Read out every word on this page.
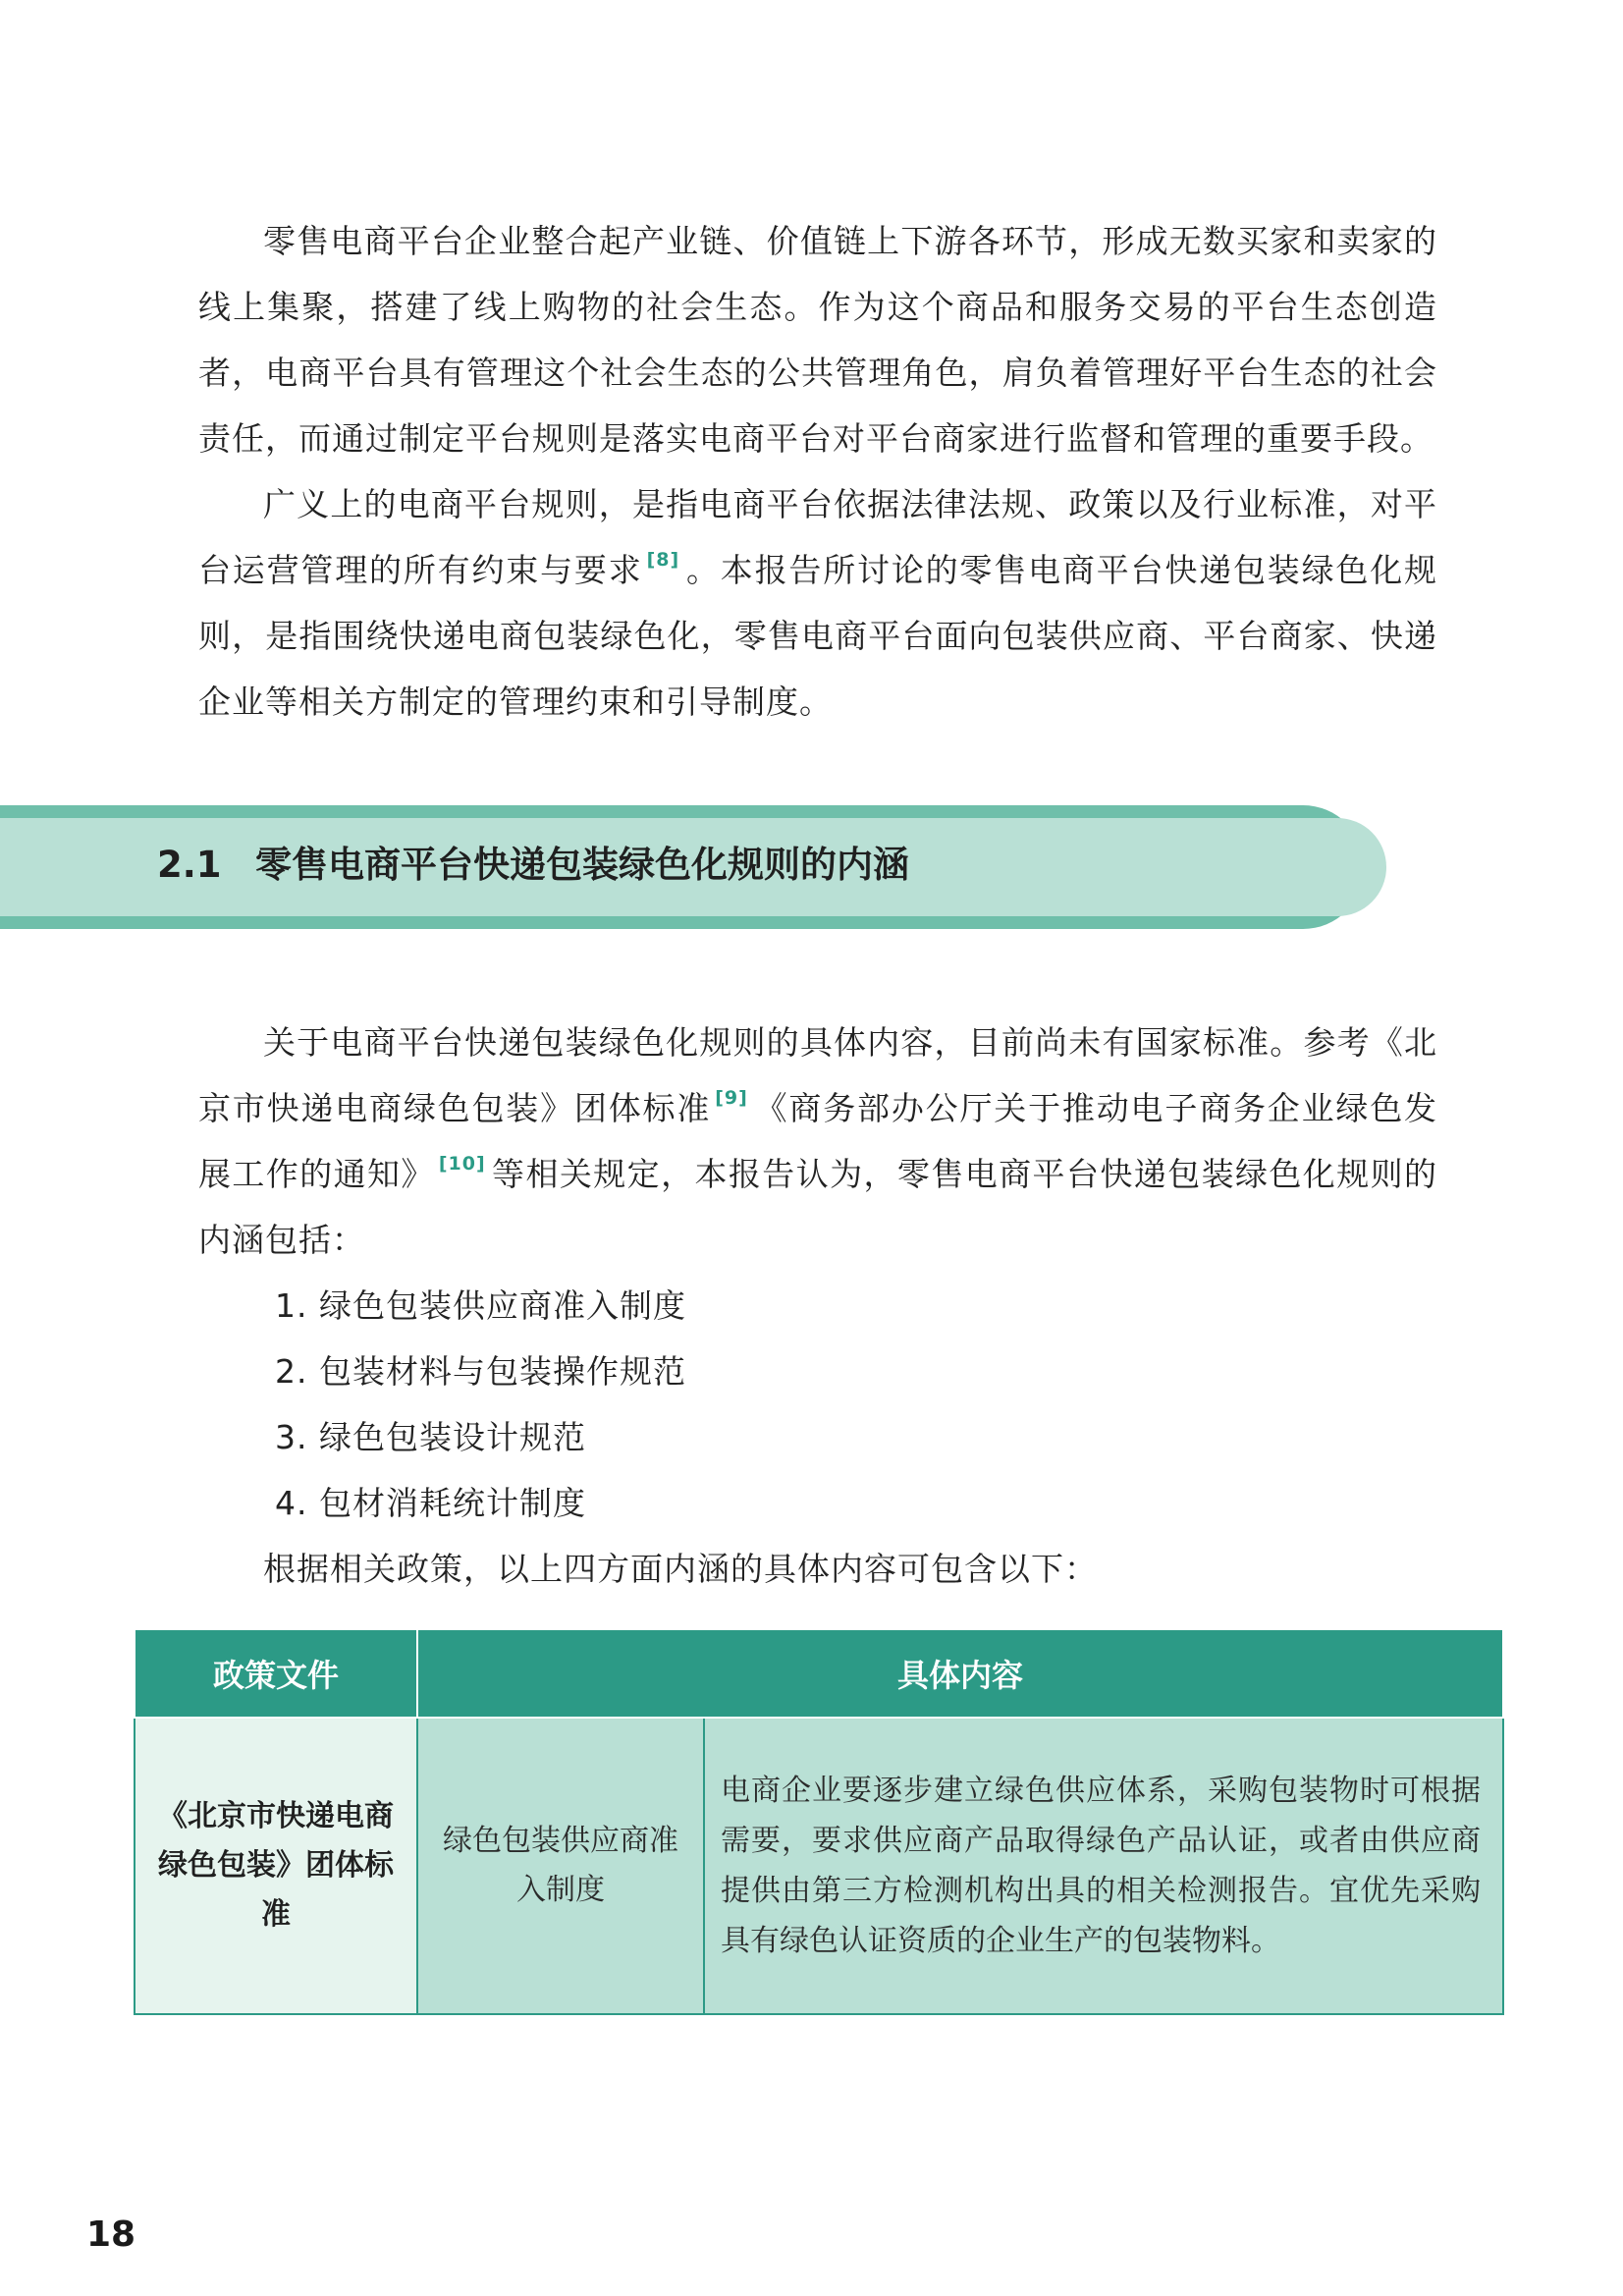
零售电商平台企业整合起产业链、价值链上下游各环节，形成无数买家和卖家的线上集聚，搭建了线上购物的社会生态。作为这个商品和服务交易的平台生态创造者，电商平台具有管理这个社会生态的公共管理角色，肩负着管理好平台生态的社会责任，而通过制定平台规则是落实电商平台对平台商家进行监督和管理的重要手段。

广义上的电商平台规则，是指电商平台依据法律法规、政策以及行业标准，对平台运营管理的所有约束与要求 [8] 。本报告所讨论的零售电商平台快递包装绿色化规则，是指围绕快递电商包装绿色化，零售电商平台面向包装供应商、平台商家、快递企业等相关方制定的管理约束和引导制度。

2.1 零售电商平台快递包装绿色化规则的内涵

关于电商平台快递包装绿色化规则的具体内容，目前尚未有国家标准。参考《北京市快递电商绿色包装》团体标准 [9] 《商务部办公厅关于推动电子商务企业绿色发展工作的通知》 [10] 等相关规定，本报告认为，零售电商平台快递包装绿色化规则的内涵包括：

1. 绿色包装供应商准入制度

2. 包装材料与包装操作规范

3. 绿色包装设计规范

4. 包材消耗统计制度

根据相关政策，以上四方面内涵的具体内容可包含以下：

政策文件	具体内容	
《北京市快递电商绿色包装》团体标准	绿色包装供应商准入制度	电商企业要逐步建立绿色供应体系，采购包装物时可根据需要，要求供应商产品取得绿色产品认证，或者由供应商提供由第三方检测机构出具的相关检测报告。宜优先采购具有绿色认证资质的企业生产的包装物料。
18
